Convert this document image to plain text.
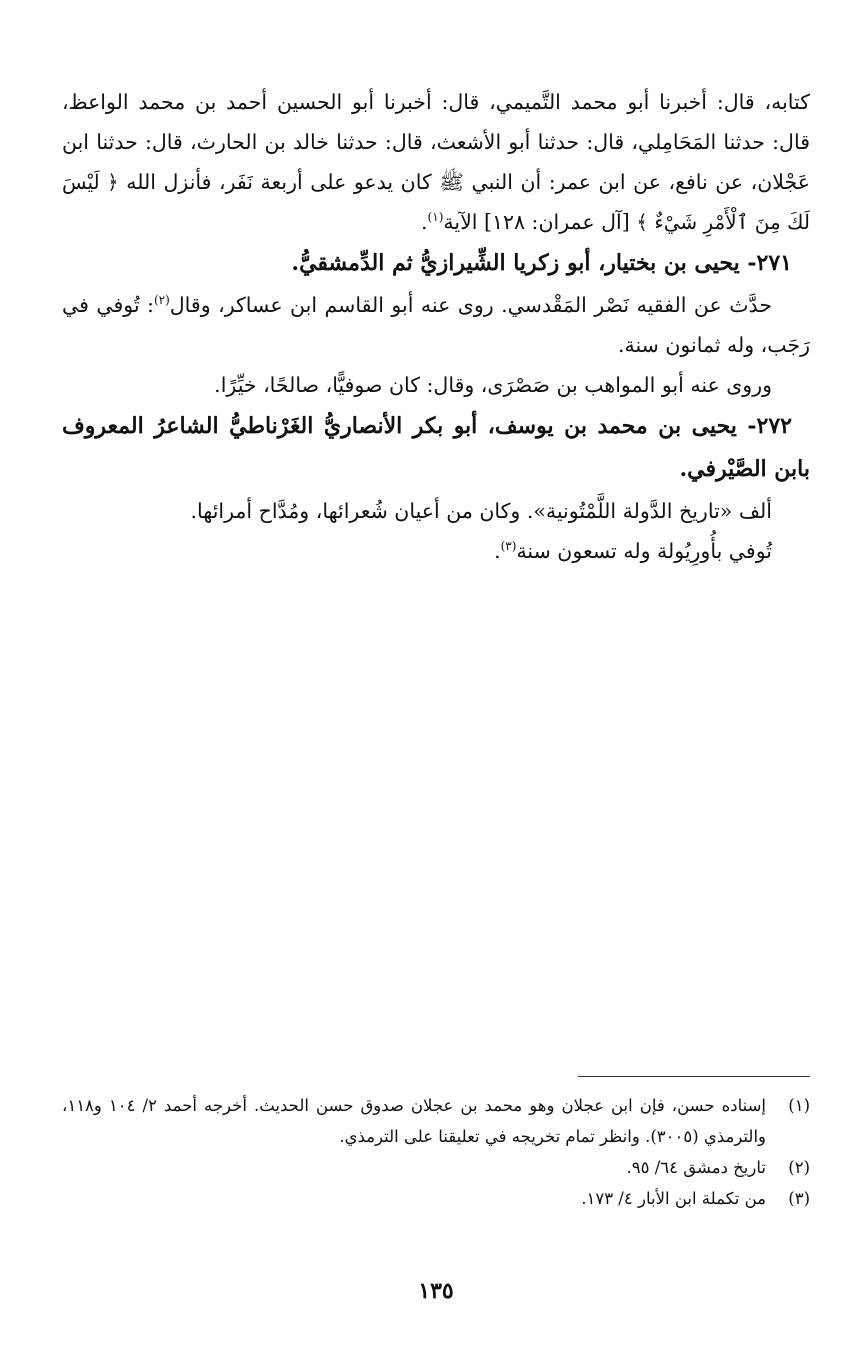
كتابه، قال: أخبرنا أبو محمد التَّميمي، قال: أخبرنا أبو الحسين أحمد بن محمد الواعظ، قال: حدثنا المَحَامِلي، قال: حدثنا أبو الأشعث، قال: حدثنا خالد بن الحارث، قال: حدثنا ابن عَجْلان، عن نافع، عن ابن عمر: أن النبي ﷺ كان يدعو على أربعة نَفَر، فأنزل الله ﴿ لَيْسَ لَكَ مِنَ ٱلْأَمْرِ شَيْءٌ ﴾ [آل عمران: ١٢٨] الآية$^{(١)}$.

٢٧١- يحيى بن بختيار، أبو زكريا الشِّيرازيُّ ثم الدِّمشقيُّ.

حدَّث عن الفقيه نَصْر المَقْدسي. روى عنه أبو القاسم ابن عساكر، وقال$^{(٢)}$: تُوفي في رَجَب، وله ثمانون سنة.

وروى عنه أبو المواهب بن صَصْرَى، وقال: كان صوفيًّا، صالحًا، خيِّرًا.

٢٧٢- يحيى بن محمد بن يوسف، أبو بكر الأنصاريُّ الغَرْناطيُّ الشاعرُ المعروف بابن الصَّيْرفي.

ألف «تاريخ الدَّولة اللَّمْتُونية». وكان من أعيان شُعرائها، ومُدَّاح أمرائها.

تُوفي بأُورِيُولة وله تسعون سنة$^{(٣)}$.

(١)
إسناده حسن، فإن ابن عجلان وهو محمد بن عجلان صدوق حسن الحديث. أخرجه أحمد ٢/ ١٠٤ و١١٨، والترمذي (٣٠٠٥). وانظر تمام تخريجه في تعليقنا على الترمذي.
(٢)
تاريخ دمشق ٦٤/ ٩٥.
(٣)
من تكملة ابن الأبار ٤/ ١٧٣.
١٣٥
